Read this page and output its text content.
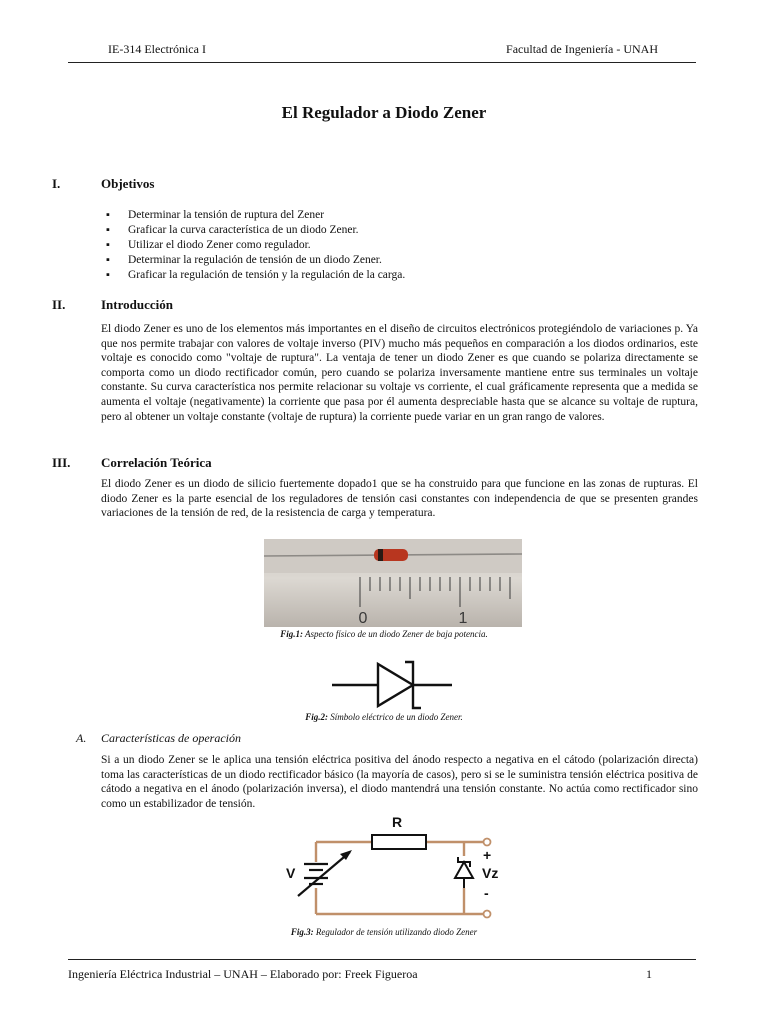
IE-314 Electrónica I	Facultad de Ingeniería - UNAH
El Regulador a Diodo Zener
I.	Objetivos
▪ Determinar la tensión de ruptura del Zener
▪ Graficar la curva característica de un diodo Zener.
▪ Utilizar el diodo Zener como regulador.
▪ Determinar la regulación de tensión de un diodo Zener.
▪ Graficar la regulación de tensión y la regulación de la carga.
II.	Introducción

El diodo Zener es uno de los elementos más importantes en el diseño de circuitos electrónicos protegiéndolo de variaciones p. Ya que nos permite trabajar con valores de voltaje inverso (PIV) mucho más pequeños en comparación a los diodos ordinarios, este voltaje es conocido como "voltaje de ruptura". La ventaja de tener un diodo Zener es que cuando se polariza directamente se comporta como un diodo rectificador común, pero cuando se polariza inversamente mantiene entre sus terminales un voltaje constante. Su curva característica nos permite relacionar su voltaje vs corriente, el cual gráficamente representa que a medida se aumenta el voltaje (negativamente) la corriente que pasa por él aumenta despreciable hasta que se alcance su voltaje de ruptura, pero al obtener un voltaje constante (voltaje de ruptura) la corriente puede variar en un gran rango de valores.

III. Correlación Teórica

El diodo Zener es un diodo de silicio fuertemente dopado1 que se ha construido para que funcione en las zonas de rupturas. El diodo Zener es la parte esencial de los reguladores de tensión casi constantes con independencia de que se presenten grandes variaciones de la tensión de red, de la resistencia de carga y temperatura.

0	1
Fig.1: Aspecto físico de un diodo Zener de baja potencia.
Fig.2: Símbolo eléctrico de un diodo Zener.
A. Características de operación

Si a un diodo Zener se le aplica una tensión eléctrica positiva del ánodo respecto a negativa en el cátodo (polarización directa) toma las características de un diodo rectificador básico (la mayoría de casos), pero si se le suministra tensión eléctrica positiva de cátodo a negativa en el ánodo (polarización inversa), el diodo mantendrá una tensión constante. No actúa como rectificador sino como un estabilizador de tensión.

R
V
+
Vz
-
Fig.3: Regulador de tensión utilizando diodo Zener
Ingeniería Eléctrica Industrial – UNAH – Elaborado por: Freek Figueroa	1
